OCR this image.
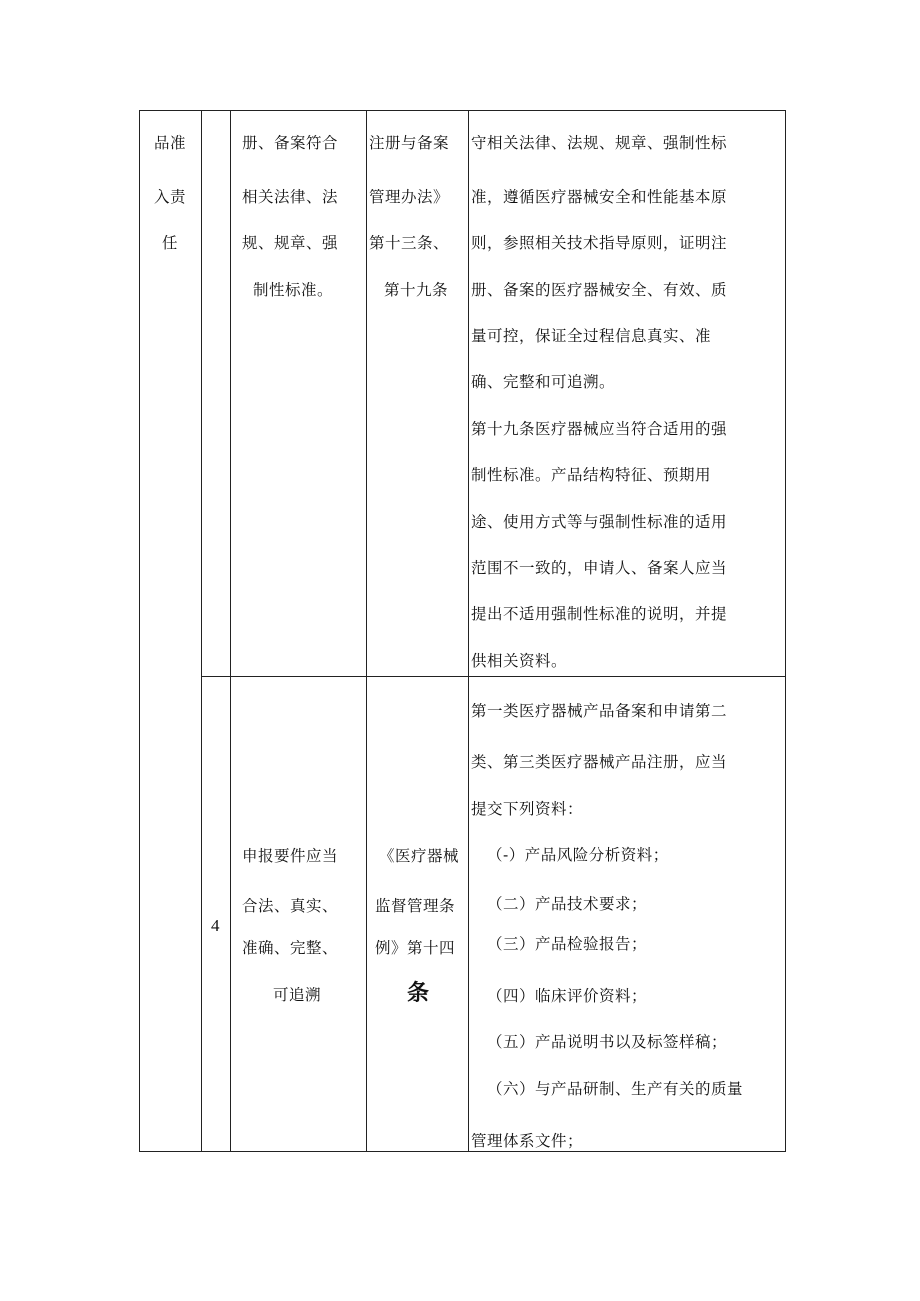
品准
入责
任
册、备案符合
相关法律、法
规、规章、强
制性标准。
注册与备案
管理办法》
第十三条、
第十九条
守相关法律、法规、规章、强制性标
准，遵循医疗器械安全和性能基本原
则，参照相关技术指导原则，证明注
册、备案的医疗器械安全、有效、质
量可控，保证全过程信息真实、准
确、完整和可追溯。
第十九条医疗器械应当符合适用的强
制性标准。产品结构特征、预期用
途、使用方式等与强制性标准的适用
范围不一致的，申请人、备案人应当
提出不适用强制性标准的说明，并提
供相关资料。
4
申报要件应当
合法、真实、
准确、完整、
可追溯
《医疗器械
监督管理条
例》第十四
条
第一类医疗器械产品备案和申请第二
类、第三类医疗器械产品注册，应当
提交下列资料：
（-）产品风险分析资料；
（二）产品技术要求；
（三）产品检验报告；
（四）临床评价资料；
（五）产品说明书以及标签样稿；
（六）与产品研制、生产有关的质量
管理体系文件；
